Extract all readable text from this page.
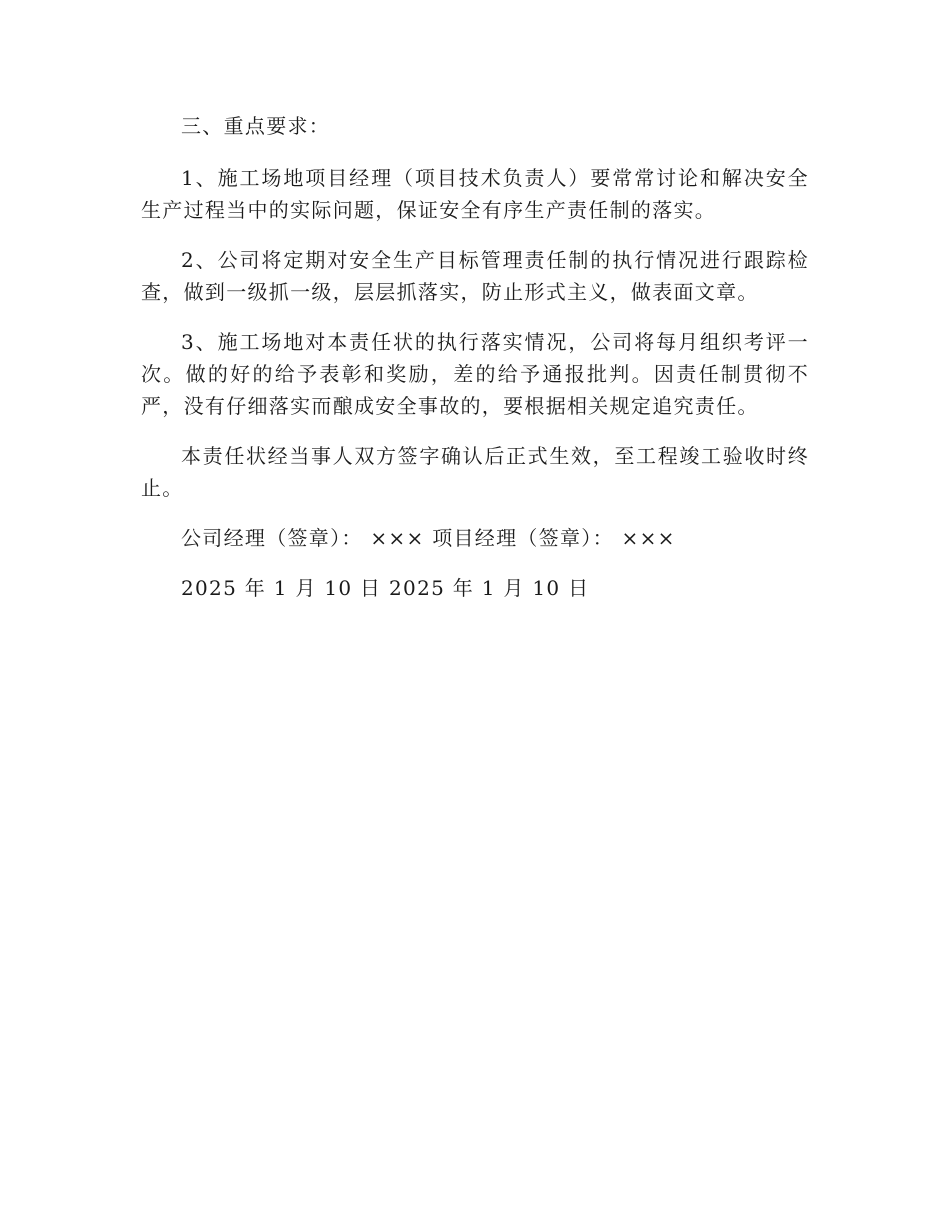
三、重点要求：

1、施工场地项目经理（项目技术负责人）要常常讨论和解决安全生产过程当中的实际问题，保证安全有序生产责任制的落实。

2、公司将定期对安全生产目标管理责任制的执行情况进行跟踪检查，做到一级抓一级，层层抓落实，防止形式主义，做表面文章。

3、施工场地对本责任状的执行落实情况，公司将每月组织考评一次。做的好的给予表彰和奖励，差的给予通报批判。因责任制贯彻不严，没有仔细落实而酿成安全事故的，要根据相关规定追究责任。

本责任状经当事人双方签字确认后正式生效，至工程竣工验收时终止。

公司经理（签章）： ××× 项目经理（签章）： ×××

2025 年 1 月 10 日 2025 年 1 月 10 日
